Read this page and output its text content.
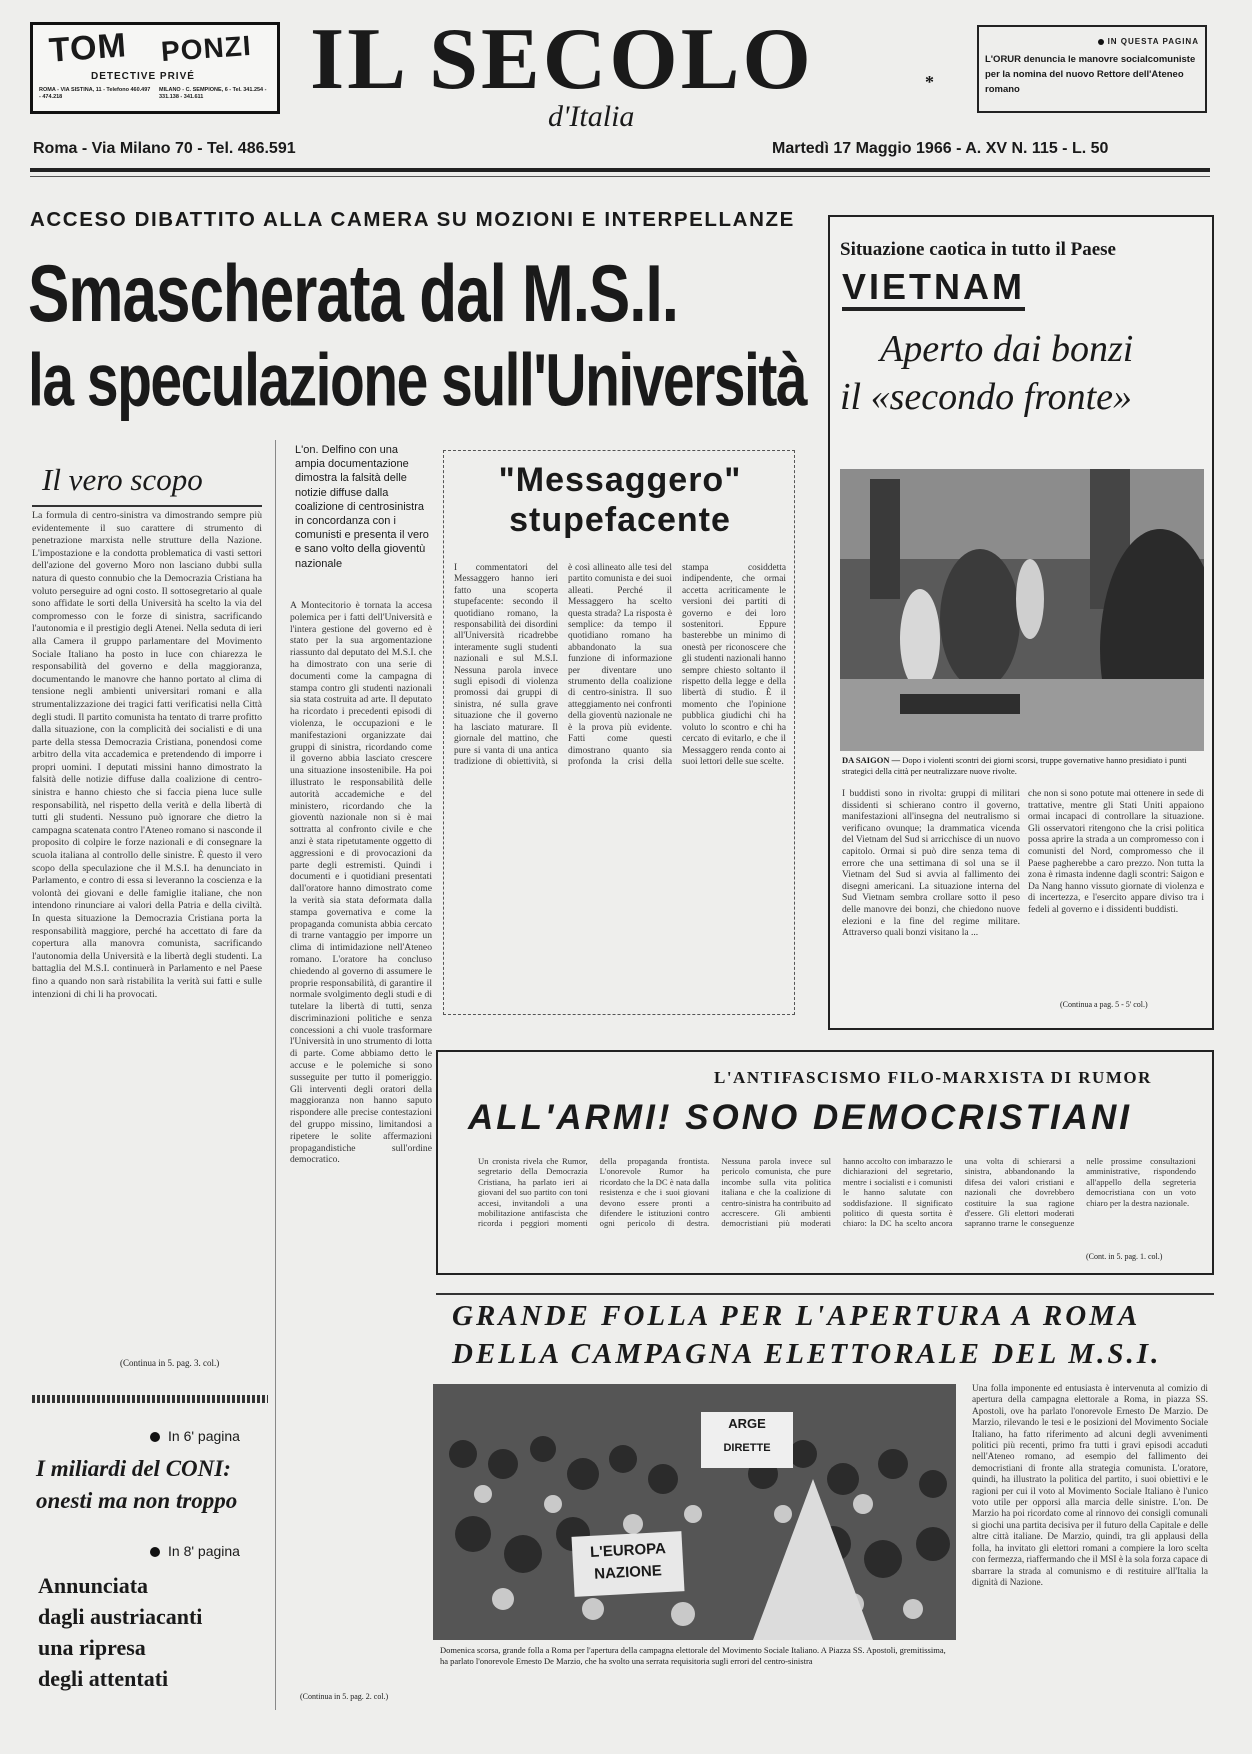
TOM PONZI
DETECTIVE PRIVÉ
ROMA - VIA SISTINA, 11 - Telefono 460.497 - 474.218
MILANO - C. SEMPIONE, 6 - Tel. 341.254 - 331.138 - 341.611	IL SECOLO	*
d'Italia
IN QUESTA PAGINA
L'ORUR denuncia le manovre socialcomuniste per la nomina del nuovo Rettore dell'Ateneo romano
Roma - Via Milano 70 - Tel. 486.591	Martedì 17 Maggio 1966 - A. XV N. 115 - L. 50
ACCESO DIBATTITO ALLA CAMERA SU MOZIONI E INTERPELLANZE
Smascherata dal M.S.I.
la speculazione sull'Università
Il vero scopo
La formula di centro-sinistra va dimostrando sempre più evidentemente il suo carattere di strumento di penetrazione marxista nelle strutture della Nazione. L'impostazione e la condotta problematica di vasti settori dell'azione del governo Moro non lasciano dubbi sulla natura di questo connubio che la Democrazia Cristiana ha voluto perseguire ad ogni costo. Il sottosegretario al quale sono affidate le sorti della Università ha scelto la via del compromesso con le forze di sinistra, sacrificando l'autonomia e il prestigio degli Atenei. Nella seduta di ieri alla Camera il gruppo parlamentare del Movimento Sociale Italiano ha posto in luce con chiarezza le responsabilità del governo e della maggioranza, documentando le manovre che hanno portato al clima di tensione negli ambienti universitari romani e alla strumentalizzazione dei tragici fatti verificatisi nella Città degli studi. Il partito comunista ha tentato di trarre profitto dalla situazione, con la complicità dei socialisti e di una parte della stessa Democrazia Cristiana, ponendosi come arbitro della vita accademica e pretendendo di imporre i propri uomini. I deputati missini hanno dimostrato la falsità delle notizie diffuse dalla coalizione di centro-sinistra e hanno chiesto che si faccia piena luce sulle responsabilità, nel rispetto della verità e della libertà di tutti gli studenti. Nessuno può ignorare che dietro la campagna scatenata contro l'Ateneo romano si nasconde il proposito di colpire le forze nazionali e di consegnare la scuola italiana al controllo delle sinistre. È questo il vero scopo della speculazione che il M.S.I. ha denunciato in Parlamento, e contro di essa si leveranno la coscienza e la volontà dei giovani e delle famiglie italiane, che non intendono rinunciare ai valori della Patria e della civiltà. In questa situazione la Democrazia Cristiana porta la responsabilità maggiore, perché ha accettato di fare da copertura alla manovra comunista, sacrificando l'autonomia della Università e la libertà degli studenti. La battaglia del M.S.I. continuerà in Parlamento e nel Paese fino a quando non sarà ristabilita la verità sui fatti e sulle intenzioni di chi li ha provocati.
(Continua in 5. pag. 3. col.)
In 6' pagina
I miliardi del CONI:
onesti ma non troppo
In 8' pagina
Annunciata
dagli austriacanti
una ripresa
degli attentati
L'on. Delfino con una ampia documentazione dimostra la falsità delle notizie diffuse dalla coalizione di centrosinistra in concordanza con i comunisti e presenta il vero e sano volto della gioventù nazionale
A Montecitorio è tornata la accesa polemica per i fatti dell'Università e l'intera gestione del governo ed è stato per la sua argomentazione riassunto dal deputato del M.S.I. che ha dimostrato con una serie di documenti come la campagna di stampa contro gli studenti nazionali sia stata costruita ad arte. Il deputato ha ricordato i precedenti episodi di violenza, le occupazioni e le manifestazioni organizzate dai gruppi di sinistra, ricordando come il governo abbia lasciato crescere una situazione insostenibile. Ha poi illustrato le responsabilità delle autorità accademiche e del ministero, ricordando che la gioventù nazionale non si è mai sottratta al confronto civile e che anzi è stata ripetutamente oggetto di aggressioni e di provocazioni da parte degli estremisti. Quindi i documenti e i quotidiani presentati dall'oratore hanno dimostrato come la verità sia stata deformata dalla stampa governativa e come la propaganda comunista abbia cercato di trarne vantaggio per imporre un clima di intimidazione nell'Ateneo romano. L'oratore ha concluso chiedendo al governo di assumere le proprie responsabilità, di garantire il normale svolgimento degli studi e di tutelare la libertà di tutti, senza discriminazioni politiche e senza concessioni a chi vuole trasformare l'Università in uno strumento di lotta di parte. Come abbiamo detto le accuse e le polemiche si sono susseguite per tutto il pomeriggio. Gli interventi degli oratori della maggioranza non hanno saputo rispondere alle precise contestazioni del gruppo missino, limitandosi a ripetere le solite affermazioni propagandistiche sull'ordine democratico.
(Continua in 5. pag. 2. col.)
"Messaggero"
stupefacente
I commentatori del Messaggero hanno ieri fatto una scoperta stupefacente: secondo il quotidiano romano, la responsabilità dei disordini all'Università ricadrebbe interamente sugli studenti nazionali e sul M.S.I. Nessuna parola invece sugli episodi di violenza promossi dai gruppi di sinistra, né sulla grave situazione che il governo ha lasciato maturare. Il giornale del mattino, che pure si vanta di una antica tradizione di obiettività, si è così allineato alle tesi del partito comunista e dei suoi alleati. Perché il Messaggero ha scelto questa strada? La risposta è semplice: da tempo il quotidiano romano ha abbandonato la sua funzione di informazione per diventare uno strumento della coalizione di centro-sinistra. Il suo atteggiamento nei confronti della gioventù nazionale ne è la prova più evidente. Fatti come questi dimostrano quanto sia profonda la crisi della stampa cosiddetta indipendente, che ormai accetta acriticamente le versioni dei partiti di governo e dei loro sostenitori. Eppure basterebbe un minimo di onestà per riconoscere che gli studenti nazionali hanno sempre chiesto soltanto il rispetto della legge e della libertà di studio. È il momento che l'opinione pubblica giudichi chi ha voluto lo scontro e chi ha cercato di evitarlo, e che il Messaggero renda conto ai suoi lettori delle sue scelte.
Situazione caotica in tutto il Paese
VIETNAM
Aperto dai bonzi
il «secondo fronte»
DA SAIGON — Dopo i violenti scontri dei giorni scorsi, truppe governative hanno presidiato i punti strategici della città per neutralizzare nuove rivolte.
I buddisti sono in rivolta: gruppi di militari dissidenti si schierano contro il governo, manifestazioni all'insegna del neutralismo si verificano ovunque; la drammatica vicenda del Vietnam del Sud si arricchisce di un nuovo capitolo. Ormai si può dire senza tema di errore che una settimana di sol una se il Vietnam del Sud si avvia al fallimento dei disegni americani. La situazione interna del Sud Vietnam sembra crollare sotto il peso delle manovre dei bonzi, che chiedono nuove elezioni e la fine del regime militare. Attraverso quali bonzi visitano la ...
che non si sono potute mai ottenere in sede di trattative, mentre gli Stati Uniti appaiono ormai incapaci di controllare la situazione. Gli osservatori ritengono che la crisi politica possa aprire la strada a un compromesso con i comunisti del Nord, compromesso che il Paese pagherebbe a caro prezzo. Non tutta la zona è rimasta indenne dagli scontri: Saigon e Da Nang hanno vissuto giornate di violenza e di incertezza, e l'esercito appare diviso tra i fedeli al governo e i dissidenti buddisti.
(Continua a pag. 5 - 5' col.)
L'ANTIFASCISMO FILO-MARXISTA DI RUMOR
ALL'ARMI! SONO DEMOCRISTIANI
Un cronista rivela che Rumor, segretario della Democrazia Cristiana, ha parlato ieri ai giovani del suo partito con toni accesi, invitandoli a una mobilitazione antifascista che ricorda i peggiori momenti della propaganda frontista. L'onorevole Rumor ha ricordato che la DC è nata dalla resistenza e che i suoi giovani devono essere pronti a difendere le istituzioni contro ogni pericolo di destra. Nessuna parola invece sul pericolo comunista, che pure incombe sulla vita politica italiana e che la coalizione di centro-sinistra ha contribuito ad accrescere. Gli ambienti democristiani più moderati hanno accolto con imbarazzo le dichiarazioni del segretario, mentre i socialisti e i comunisti le hanno salutate con soddisfazione. Il significato politico di questa sortita è chiaro: la DC ha scelto ancora una volta di schierarsi a sinistra, abbandonando la difesa dei valori cristiani e nazionali che dovrebbero costituire la sua ragione d'essere. Gli elettori moderati sapranno trarne le conseguenze nelle prossime consultazioni amministrative, rispondendo all'appello della segreteria democristiana con un voto chiaro per la destra nazionale.
(Cont. in 5. pag. 1. col.)
GRANDE FOLLA PER L'APERTURA A ROMA
DELLA CAMPAGNA ELETTORALE DEL M.S.I.
ARGE
DIRETTE
L'EUROPA
NAZIONE
Domenica scorsa, grande folla a Roma per l'apertura della campagna elettorale del Movimento Sociale Italiano. A Piazza SS. Apostoli, gremitissima, ha parlato l'onorevole Ernesto De Marzio, che ha svolto una serrata requisitoria sugli errori del centro-sinistra
Una folla imponente ed entusiasta è intervenuta al comizio di apertura della campagna elettorale a Roma, in piazza SS. Apostoli, ove ha parlato l'onorevole Ernesto De Marzio. De Marzio, rilevando le tesi e le posizioni del Movimento Sociale Italiano, ha fatto riferimento ad alcuni degli avvenimenti politici più recenti, primo fra tutti i gravi episodi accaduti nell'Ateneo romano, ad esempio del fallimento dei democristiani di fronte alla strategia comunista. L'oratore, quindi, ha illustrato la politica del partito, i suoi obiettivi e le ragioni per cui il voto al Movimento Sociale Italiano è l'unico voto utile per opporsi alla marcia delle sinistre. L'on. De Marzio ha poi ricordato come al rinnovo dei consigli comunali si giochi una partita decisiva per il futuro della Capitale e delle altre città italiane. De Marzio, quindi, tra gli applausi della folla, ha invitato gli elettori romani a compiere la loro scelta con fermezza, riaffermando che il MSI è la sola forza capace di sbarrare la strada al comunismo e di restituire all'Italia la dignità di Nazione.
